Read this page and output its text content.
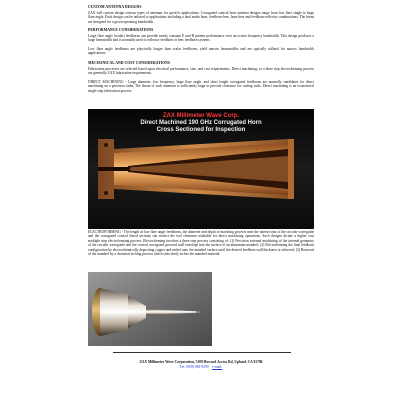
CUSTOM ANTENNA DESIGNS

ZAX will custom design various types of antennas for specific applications. Corrugated conical horn antenna designs range from low flare single to large flare angle. Each design can be tailored to applications including a dual mode horn, feedhorn-lens, horn-lens and feedhorn-reflector combinations. The horns are designed for a given operating bandwidth.

PERFORMANCE CONSIDERATIONS

Large flare angle (scalar) feedhorns can provide nearly constant E and H pattern performance over an octave frequency bandwidth. This design produces a large beamwidth and is normally used to reflector feedhorn or lens feedhorn systems.

Low flare angle feedhorns are physically longer than scalar feedhorns, yield narrow beamwidths and are typically utilized for narrow bandwidth applications.

MECHANICAL AND COST CONSIDERATIONS

Fabrication processes are selected based upon electrical performance, size, and cost requirements. Direct machining, or a three step electroforming process are generally ZAX fabrication requirements.

DIRECT MACHINING - Large diameter, low frequency, large flare angle, and short length corrugated feedhorns are normally candidates for direct machining on a precision lathe. The throat of such antennas is sufficiently large to provide clearance for cutting tools. Direct machining is an economical single step fabrication process.

ZAX Millimeter Wave Corp.
Direct Machined 190 GHz Corrugated Horn
Cross Sectioned for Inspection

ELECTROFORMING - The length of low flare angle feedhorns, the diameter and depth of matching grooves near the intersection of the circular waveguide and the corrugated conical flared sections can restrict the tool clearance available for direct machining operations. Such designs dictate a higher cost multiple step electroforming process. Electroforming involves a three step process consisting of: (1) Precision external machining of the internal geometry of the circular waveguide and the conical corrugated grooved wall envelope into the surface of an aluminum mandrel; (2) Electroforming the final feedhorn configuration by electrochemically depositing copper and nickel onto the mandrel surface until the desired feedhorn wall thickness is achieved; (3) Removal of the mandrel by a chemical etching process which selectively etches the mandrel material.

ZAX Millimeter Wave Corporation, 3108 Howard Access Rd, Upland, CA 91786
Tel: (909) 983-9299 e-mail:
